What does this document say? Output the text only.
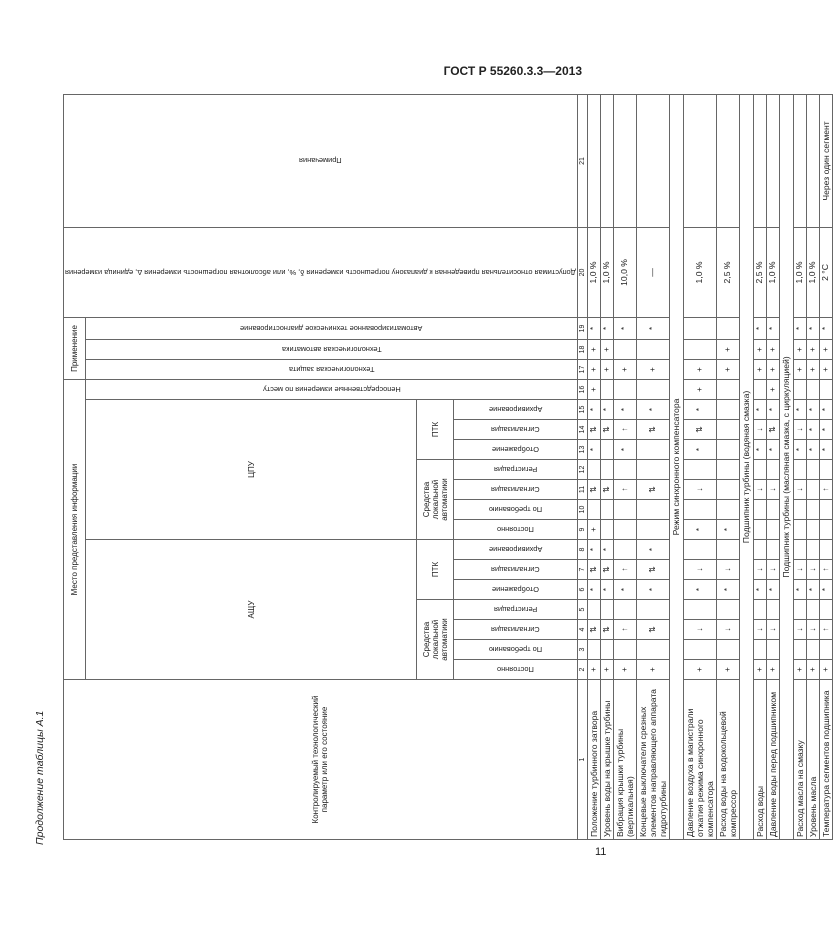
ГОСТ Р 55260.3.3—2013
Продолжение таблицы А.1
11
Контролируемый технологический параметр или его состояние	Место представления информации															Применение			Допустимая относительная приведенная к диапазону погрешность измерения δ, %, или абсолютная погрешность измерения Δ, единица измерения	Примечания

	АЩУ							ЦПУ							Непосредственные измерения по месту	Технологическая защита	Технологическая автоматика	Автоматизированное техническое диагностирование		

	Средства локальной автоматики				ПТК			Средства локальной автоматики				ПТК								

	Постоянно	По требованию	Сигнализация	Регистрация	Отображение	Сигнализация	Архивирование	Постоянно	По требованию	Сигнализация	Регистрация	Отображение	Сигнализация	Архивирование						

1	2	3	4	5	6	7	8	9	10	11	12	13	14	15	16	17	18	19	20	21
Положение турбинного затвора	+		⇅		*	⇅	*	+		⇅		*	⇅	*	+	+	+	*	1,0 %	
Уровень воды на крышке турбины	+		⇅		*	⇅	*			⇅			⇅	*		+	+	*	1,0 %	
Вибрация крышки турбины (вертикальная)	+		↑		*	↑				↑		*	↑	*		+		*	10,0 %	
Концевые выключатели срезных элементов направляющего аппарата гидротурбины	+		⇅		*	⇅	*			⇅			⇅	*		+		*	—	
Режим синхронного компенсатора																				
Давление воздуха в магистрали отжатия режима синхронного компенсатора	+		↓		*	↓		*		↓		*	⇅	*	+	+			1,0 %	
Расход воды на водокольцевой компрессор	+		↓		*	↓		*								+	+		2,5 %	
Подшипник турбины (водяная смазка)																				
Расход воды	+		↓		*	↓				↓		*	↓	*		+	+	*	2,5 %	
Давление воды перед подшипником	+		↓		*	↓				↓		*	⇅	*	+	+	+	*	1,0 %	
Подшипник турбины (масляная смазка, с циркуляцией)																				
Расход масла на смазку	+		↓		*	↓				↓		*	↓	*		+	+	*	1,0 %	
Уровень масла	+		↓		*	↓						*	*	*		+	+	*	1,0 %	
Температура сегментов подшипника	+		↑		*	↑				↑		*	*	*		+	+	*	2 °С	Через один сегмент
